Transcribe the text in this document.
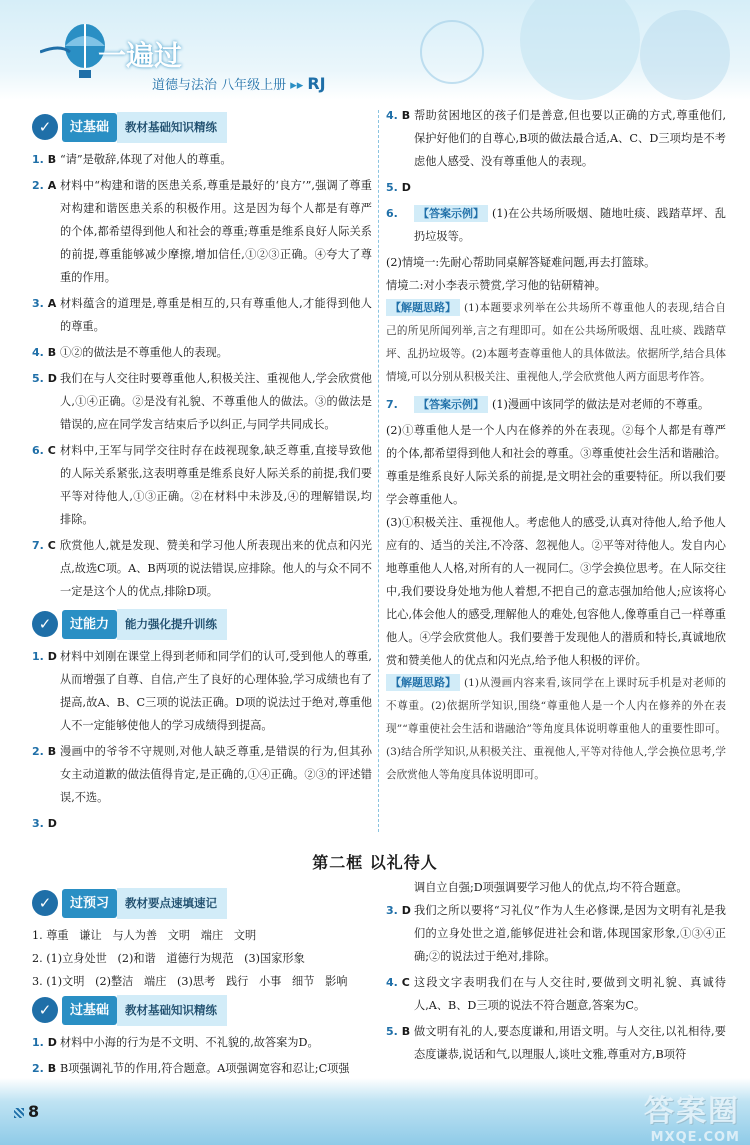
一遍过
道德与法治 八年级上册 ▸▸ RJ
✓	过基础	教材基础知识精练
1. B “请”是敬辞,体现了对他人的尊重。
2. A 材料中“构建和谐的医患关系,尊重是最好的‘良方’”,强调了尊重对构建和谐医患关系的积极作用。这是因为每个人都是有尊严的个体,都希望得到他人和社会的尊重;尊重是维系良好人际关系的前提,尊重能够减少摩擦,增加信任,①②③正确。④夸大了尊重的作用。
3. A 材料蕴含的道理是,尊重是相互的,只有尊重他人,才能得到他人的尊重。
4. B ①②的做法是不尊重他人的表现。
5. D 我们在与人交往时要尊重他人,积极关注、重视他人,学会欣赏他人,①④正确。②是没有礼貌、不尊重他人的做法。③的做法是错误的,应在同学发言结束后予以纠正,与同学共同成长。
6. C 材料中,王军与同学交往时存在歧视现象,缺乏尊重,直接导致他的人际关系紧张,这表明尊重是维系良好人际关系的前提,我们要平等对待他人,①③正确。②在材料中未涉及,④的理解错误,均排除。
7. C 欣赏他人,就是发现、赞美和学习他人所表现出来的优点和闪光点,故选C项。A、B两项的说法错误,应排除。他人的与众不同不一定是这个人的优点,排除D项。
✓	过能力	能力强化提升训练
1. D 材料中刘刚在课堂上得到老师和同学们的认可,受到他人的尊重,从而增强了自尊、自信,产生了良好的心理体验,学习成绩也有了提高,故A、B、C三项的说法正确。D项的说法过于绝对,尊重他人不一定能够使他人的学习成绩得到提高。
2. B 漫画中的爷爷不守规则,对他人缺乏尊重,是错误的行为,但其孙女主动道歉的做法值得肯定,是正确的,①④正确。②③的评述错误,不选。
3. D
4. B 帮助贫困地区的孩子们是善意,但也要以正确的方式,尊重他们,保护好他们的自尊心,B项的做法最合适,A、C、D三项均是不考虑他人感受、没有尊重他人的表现。
5. D
6.	【答案示例】 (1)在公共场所吸烟、随地吐痰、践踏草坪、乱扔垃圾等。
(2)情境一:先耐心帮助同桌解答疑难问题,再去打篮球。
情境二:对小李表示赞赏,学习他的钻研精神。
【解题思路】 (1)本题要求列举在公共场所不尊重他人的表现,结合自己的所见所闻列举,言之有理即可。如在公共场所吸烟、乱吐痰、践踏草坪、乱扔垃圾等。(2)本题考查尊重他人的具体做法。依据所学,结合具体情境,可以分别从积极关注、重视他人,学会欣赏他人两方面思考作答。
7.	【答案示例】 (1)漫画中该同学的做法是对老师的不尊重。
(2)①尊重他人是一个人内在修养的外在表现。②每个人都是有尊严的个体,都希望得到他人和社会的尊重。③尊重使社会生活和谐融洽。尊重是维系良好人际关系的前提,是文明社会的重要特征。所以我们要学会尊重他人。
(3)①积极关注、重视他人。考虑他人的感受,认真对待他人,给予他人应有的、适当的关注,不冷落、忽视他人。②平等对待他人。发自内心地尊重他人人格,对所有的人一视同仁。③学会换位思考。在人际交往中,我们要设身处地为他人着想,不把自己的意志强加给他人;应该将心比心,体会他人的感受,理解他人的难处,包容他人,像尊重自己一样尊重他人。④学会欣赏他人。我们要善于发现他人的潜质和特长,真诚地欣赏和赞美他人的优点和闪光点,给予他人积极的评价。
【解题思路】 (1)从漫画内容来看,该同学在上课时玩手机是对老师的不尊重。(2)依据所学知识,围绕“尊重他人是一个人内在修养的外在表现”“尊重使社会生活和谐融洽”等角度具体说明尊重他人的重要性即可。(3)结合所学知识,从积极关注、重视他人,平等对待他人,学会换位思考,学会欣赏他人等角度具体说明即可。
第二框 以礼待人
✓	过预习	教材要点速填速记
1. 尊重   谦让   与人为善   文明   端庄   文明
2. (1)立身处世   (2)和谐   道德行为规范   (3)国家形象
3. (1)文明   (2)整洁   端庄   (3)思考   践行   小事   细节   影响
✓	过基础	教材基础知识精练
1. D 材料中小海的行为是不文明、不礼貌的,故答案为D。
2. B B项强调礼节的作用,符合题意。A项强调宽容和忍让;C项强
调自立自强;D项强调要学习他人的优点,均不符合题意。
3. D 我们之所以要将“习礼仪”作为人生必修课,是因为文明有礼是我们的立身处世之道,能够促进社会和谐,体现国家形象,①③④正确;②的说法过于绝对,排除。
4. C 这段文字表明我们在与人交往时,要做到文明礼貌、真诚待人,A、B、D三项的说法不符合题意,答案为C。
5. B 做文明有礼的人,要态度谦和,用语文明。与人交往,以礼相待,要态度谦恭,说话和气,以理服人,谈吐文雅,尊重对方,B项符
8	答案圈
MXQE.COM
